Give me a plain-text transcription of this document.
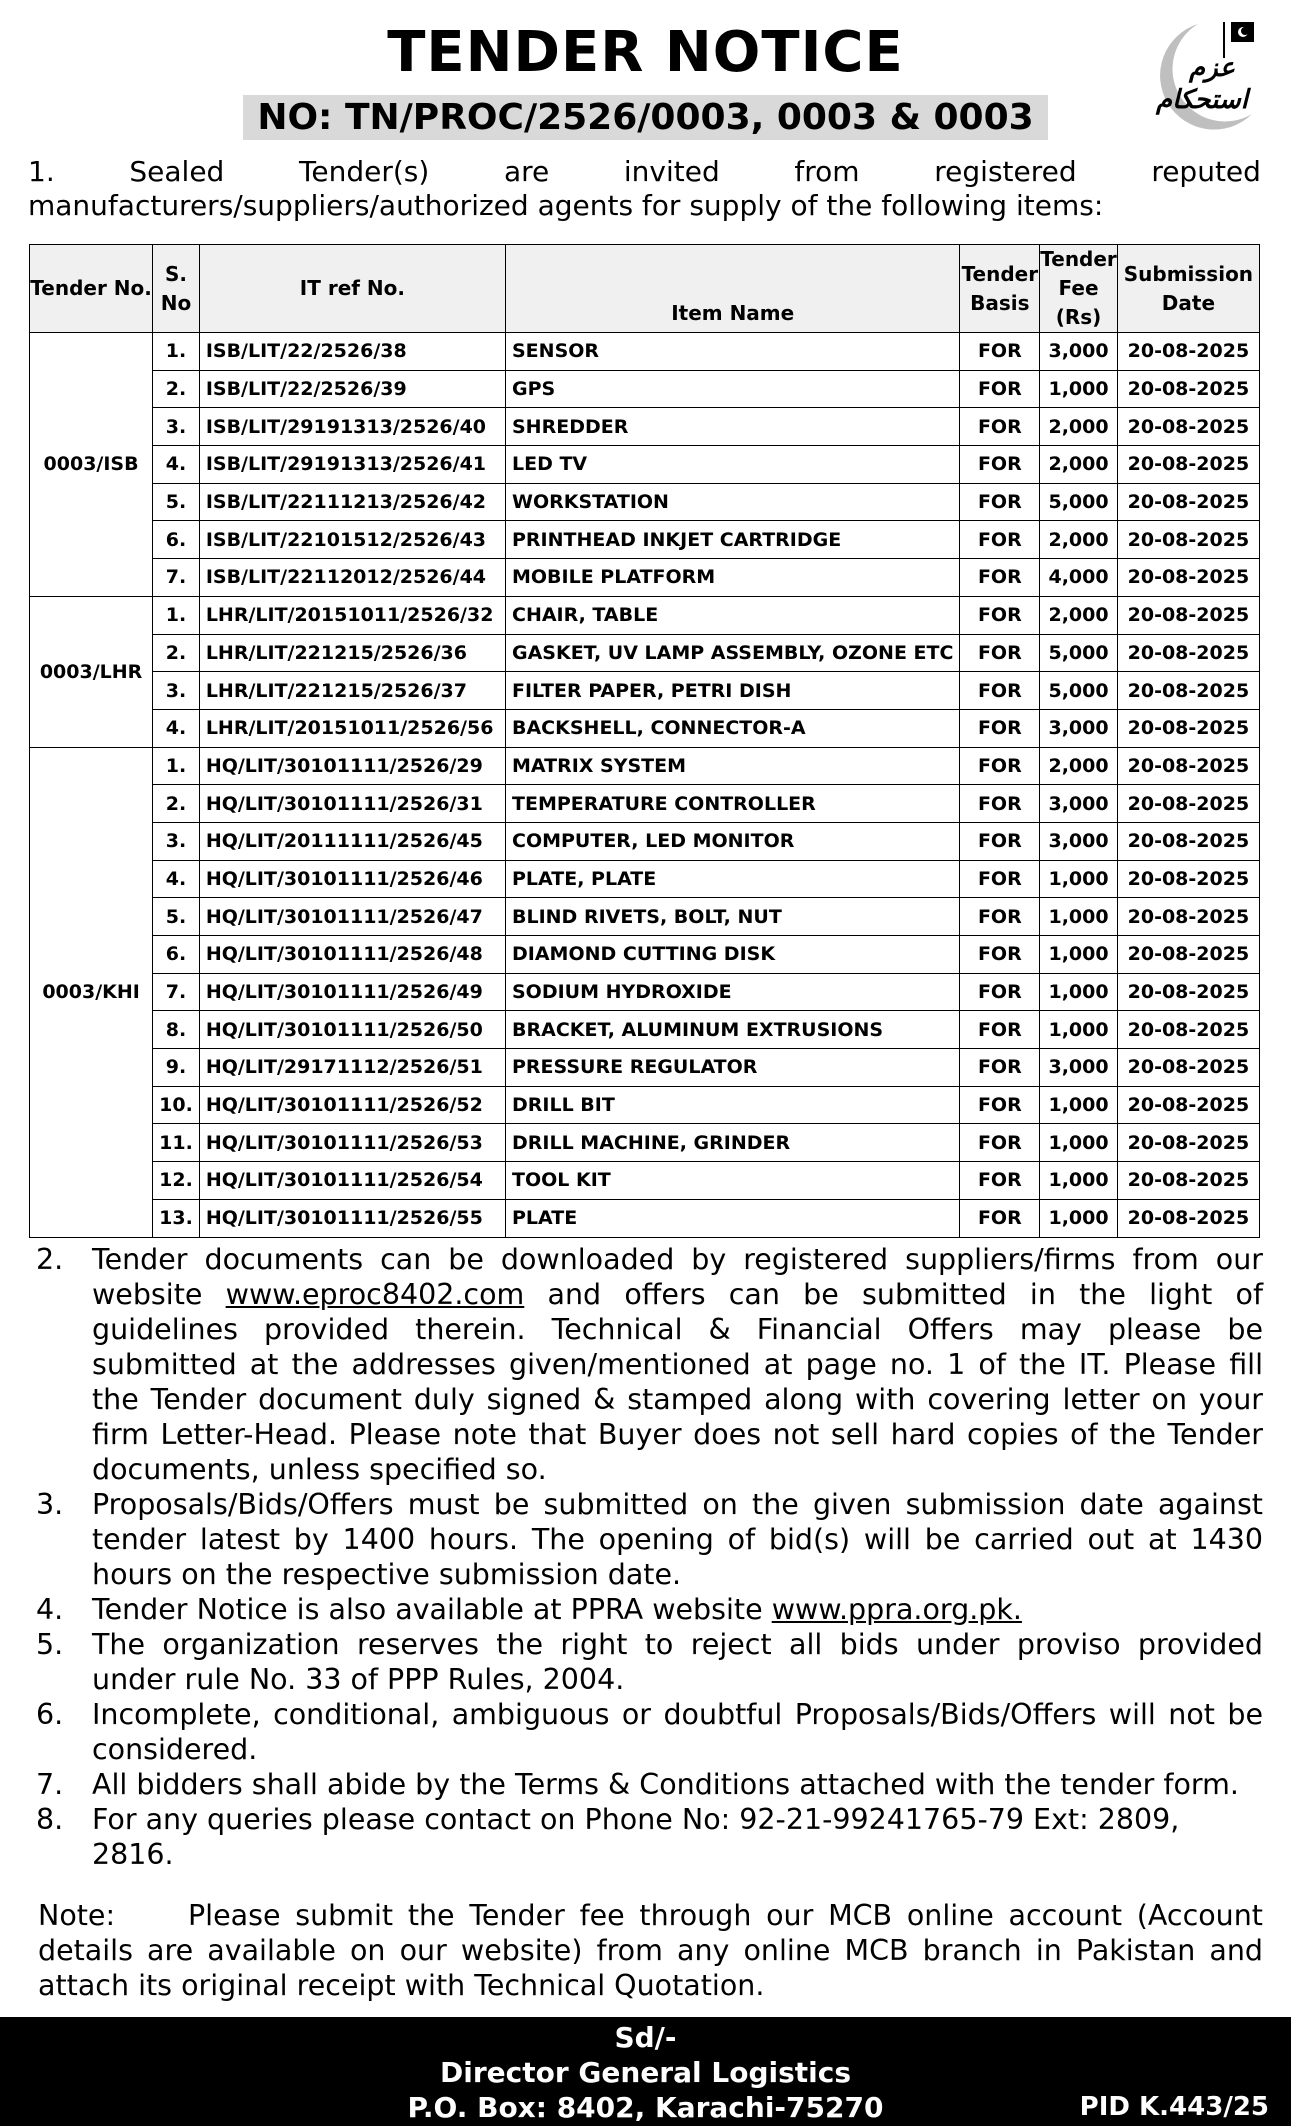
TENDER NOTICE
NO: TN/PROC/2526/0003, 0003 & 0003
عزم
استحکام
1.	Sealed	Tender(s)	are	invited	from	registered	reputed
manufacturers/suppliers/authorized agents for supply of the following items:
Tender No.	S. No	IT ref No.	Item Name	Tender Basis	Tender Fee (Rs)	Submission Date
0003/ISB	1.	ISB/LIT/22/2526/38	SENSOR	FOR	3,000	20-08-2025
	2.	ISB/LIT/22/2526/39	GPS	FOR	1,000	20-08-2025
	3.	ISB/LIT/29191313/2526/40	SHREDDER	FOR	2,000	20-08-2025
	4.	ISB/LIT/29191313/2526/41	LED TV	FOR	2,000	20-08-2025
	5.	ISB/LIT/22111213/2526/42	WORKSTATION	FOR	5,000	20-08-2025
	6.	ISB/LIT/22101512/2526/43	PRINTHEAD INKJET CARTRIDGE	FOR	2,000	20-08-2025
	7.	ISB/LIT/22112012/2526/44	MOBILE PLATFORM	FOR	4,000	20-08-2025
0003/LHR	1.	LHR/LIT/20151011/2526/32	CHAIR, TABLE	FOR	2,000	20-08-2025
	2.	LHR/LIT/221215/2526/36	GASKET, UV LAMP ASSEMBLY, OZONE ETC	FOR	5,000	20-08-2025
	3.	LHR/LIT/221215/2526/37	FILTER PAPER, PETRI DISH	FOR	5,000	20-08-2025
	4.	LHR/LIT/20151011/2526/56	BACKSHELL, CONNECTOR-A	FOR	3,000	20-08-2025
0003/KHI	1.	HQ/LIT/30101111/2526/29	MATRIX SYSTEM	FOR	2,000	20-08-2025
	2.	HQ/LIT/30101111/2526/31	TEMPERATURE CONTROLLER	FOR	3,000	20-08-2025
	3.	HQ/LIT/20111111/2526/45	COMPUTER, LED MONITOR	FOR	3,000	20-08-2025
	4.	HQ/LIT/30101111/2526/46	PLATE, PLATE	FOR	1,000	20-08-2025
	5.	HQ/LIT/30101111/2526/47	BLIND RIVETS, BOLT, NUT	FOR	1,000	20-08-2025
	6.	HQ/LIT/30101111/2526/48	DIAMOND CUTTING DISK	FOR	1,000	20-08-2025
	7.	HQ/LIT/30101111/2526/49	SODIUM HYDROXIDE	FOR	1,000	20-08-2025
	8.	HQ/LIT/30101111/2526/50	BRACKET, ALUMINUM EXTRUSIONS	FOR	1,000	20-08-2025
	9.	HQ/LIT/29171112/2526/51	PRESSURE REGULATOR	FOR	3,000	20-08-2025
	10.	HQ/LIT/30101111/2526/52	DRILL BIT	FOR	1,000	20-08-2025
	11.	HQ/LIT/30101111/2526/53	DRILL MACHINE, GRINDER	FOR	1,000	20-08-2025
	12.	HQ/LIT/30101111/2526/54	TOOL KIT	FOR	1,000	20-08-2025
	13.	HQ/LIT/30101111/2526/55	PLATE	FOR	1,000	20-08-2025
2.	Tender documents can be downloaded by registered suppliers/firms from our website www.eproc8402.com and offers can be submitted in the light of guidelines provided therein. Technical & Financial Offers may please be submitted at the addresses given/mentioned at page no. 1 of the IT. Please fill the Tender document duly signed & stamped along with covering letter on your firm Letter-Head. Please note that Buyer does not sell hard copies of the Tender documents, unless specified so.
3.	Proposals/Bids/Offers must be submitted on the given submission date against tender latest by 1400 hours. The opening of bid(s) will be carried out at 1430 hours on the respective submission date.
4.	Tender Notice is also available at PPRA website www.ppra.org.pk.
5.	The organization reserves the right to reject all bids under proviso provided under rule No. 33 of PPP Rules, 2004.
6.	Incomplete, conditional, ambiguous or doubtful Proposals/Bids/Offers will not be considered.
7.	All bidders shall abide by the Terms & Conditions attached with the tender form.
8.	For any queries please contact on Phone No: 92-21-99241765-79 Ext: 2809, 2816.
Note:	Please submit the Tender fee through our MCB online account (Account details are available on our website) from any online MCB branch in Pakistan and attach its original receipt with Technical Quotation.
Sd/-
Director General Logistics
P.O. Box: 8402, Karachi-75270	PID K.443/25
